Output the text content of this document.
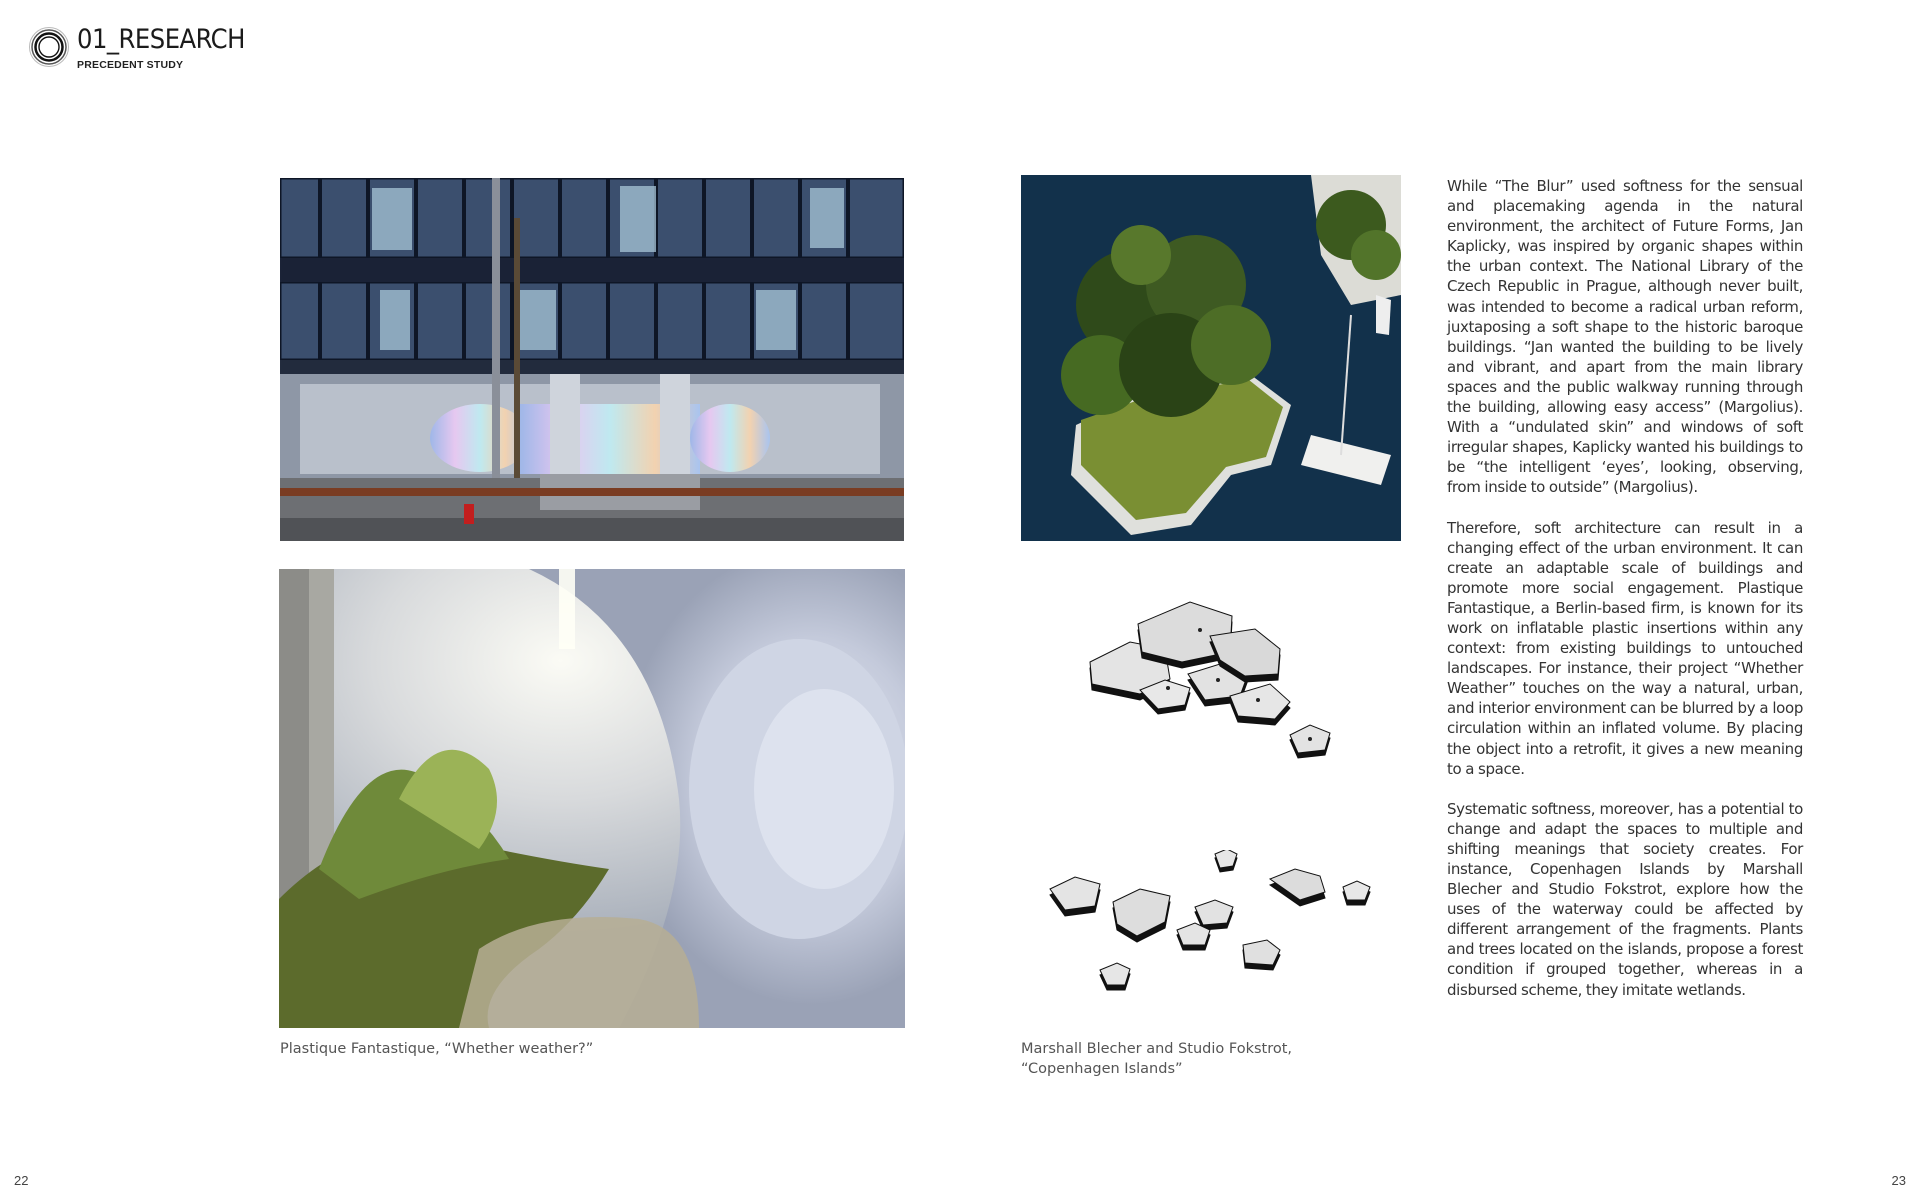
01_RESEARCH
PRECEDENT STUDY
Plastique Fantastique, “Whether weather?”	Marshall Blecher and Studio Fokstrot,
“Copenhagen Islands”

While “The Blur” used softness for the sensual and placemaking agenda in the natural environment, the architect of Future Forms, Jan Kaplicky, was inspired by organic shapes within the urban context. The National Library of the Czech Republic in Prague, although never built, was intended to become a radical urban reform, juxtaposing a soft shape to the historic baroque buildings. “Jan wanted the building to be lively and vibrant, and apart from the main library spaces and the public walkway running through the building, allowing easy access” (Margolius). With a “undulated skin” and windows of soft irregular shapes, Kaplicky wanted his buildings to be “the intelligent ‘eyes’, looking, observing, from inside to outside” (Margolius).

Therefore, soft architecture can result in a changing effect of the urban environment. It can create an adaptable scale of buildings and promote more social engagement. Plastique Fantastique, a Berlin-based firm, is known for its work on inflatable plastic insertions within any context: from existing buildings to untouched landscapes. For instance, their project “Whether Weather” touches on the way a natural, urban, and interior environment can be blurred by a loop circulation within an inflated volume. By placing the object into a retrofit, it gives a new meaning to a space.

Systematic softness, moreover, has a potential to change and adapt the spaces to multiple and shifting meanings that society creates. For instance, Copenhagen Islands by Marshall Blecher and Studio Fokstrot, explore how the uses of the waterway could be affected by different arrangement of the fragments. Plants and trees located on the islands, propose a forest condition if grouped together, whereas in a disbursed scheme, they imitate wetlands.

22	23
